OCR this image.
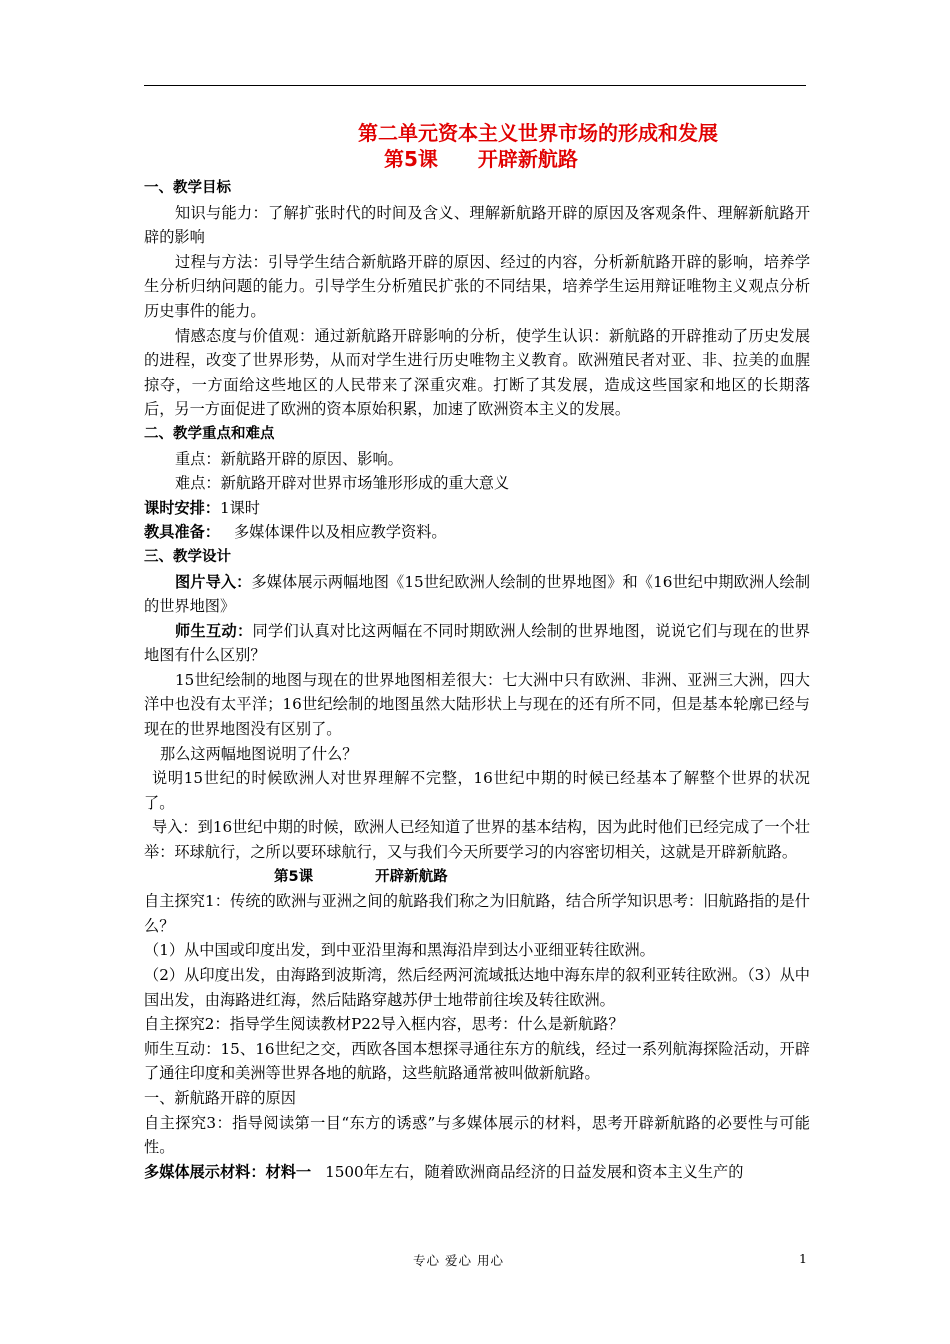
第二单元资本主义世界市场的形成和发展
第5课 开辟新航路

一、教学目标

知识与能力：了解扩张时代的时间及含义、理解新航路开辟的原因及客观条件、理解新航路开辟的影响

过程与方法：引导学生结合新航路开辟的原因、经过的内容，分析新航路开辟的影响，培养学生分析归纳问题的能力。引导学生分析殖民扩张的不同结果，培养学生运用辩证唯物主义观点分析历史事件的能力。

情感态度与价值观：通过新航路开辟影响的分析，使学生认识：新航路的开辟推动了历史发展的进程，改变了世界形势，从而对学生进行历史唯物主义教育。欧洲殖民者对亚、非、拉美的血腥掠夺，一方面给这些地区的人民带来了深重灾难。打断了其发展，造成这些国家和地区的长期落后，另一方面促进了欧洲的资本原始积累，加速了欧洲资本主义的发展。

二、教学重点和难点

重点：新航路开辟的原因、影响。

难点：新航路开辟对世界市场雏形形成的重大意义

课时安排：1课时

教具准备： 多媒体课件以及相应教学资料。

三、教学设计

图片导入：多媒体展示两幅地图《15世纪欧洲人绘制的世界地图》和《16世纪中期欧洲人绘制的世界地图》

师生互动：同学们认真对比这两幅在不同时期欧洲人绘制的世界地图，说说它们与现在的世界地图有什么区别？

15世纪绘制的地图与现在的世界地图相差很大：七大洲中只有欧洲、非洲、亚洲三大洲，四大洋中也没有太平洋；16世纪绘制的地图虽然大陆形状上与现在的还有所不同，但是基本轮廓已经与现在的世界地图没有区别了。

那么这两幅地图说明了什么？

说明15世纪的时候欧洲人对世界理解不完整，16世纪中期的时候已经基本了解整个世界的状况了。

导入：到16世纪中期的时候，欧洲人已经知道了世界的基本结构，因为此时他们已经完成了一个壮举：环球航行，之所以要环球航行，又与我们今天所要学习的内容密切相关，这就是开辟新航路。

第5课	开辟新航路

自主探究1：传统的欧洲与亚洲之间的航路我们称之为旧航路，结合所学知识思考：旧航路指的是什么？

（1）从中国或印度出发，到中亚沿里海和黑海沿岸到达小亚细亚转往欧洲。

（2）从印度出发，由海路到波斯湾，然后经两河流域抵达地中海东岸的叙利亚转往欧洲。（3）从中国出发，由海路进红海，然后陆路穿越苏伊士地带前往埃及转往欧洲。

自主探究2：指导学生阅读教材P22导入框内容，思考：什么是新航路？

师生互动：15、16世纪之交，西欧各国本想探寻通往东方的航线，经过一系列航海探险活动，开辟了通往印度和美洲等世界各地的航路，这些航路通常被叫做新航路。

一、新航路开辟的原因

自主探究3：指导阅读第一目“东方的诱惑”与多媒体展示的材料，思考开辟新航路的必要性与可能性。

多媒体展示材料：材料一 1500年左右，随着欧洲商品经济的日益发展和资本主义生产的

专心 爱心 用心	1
